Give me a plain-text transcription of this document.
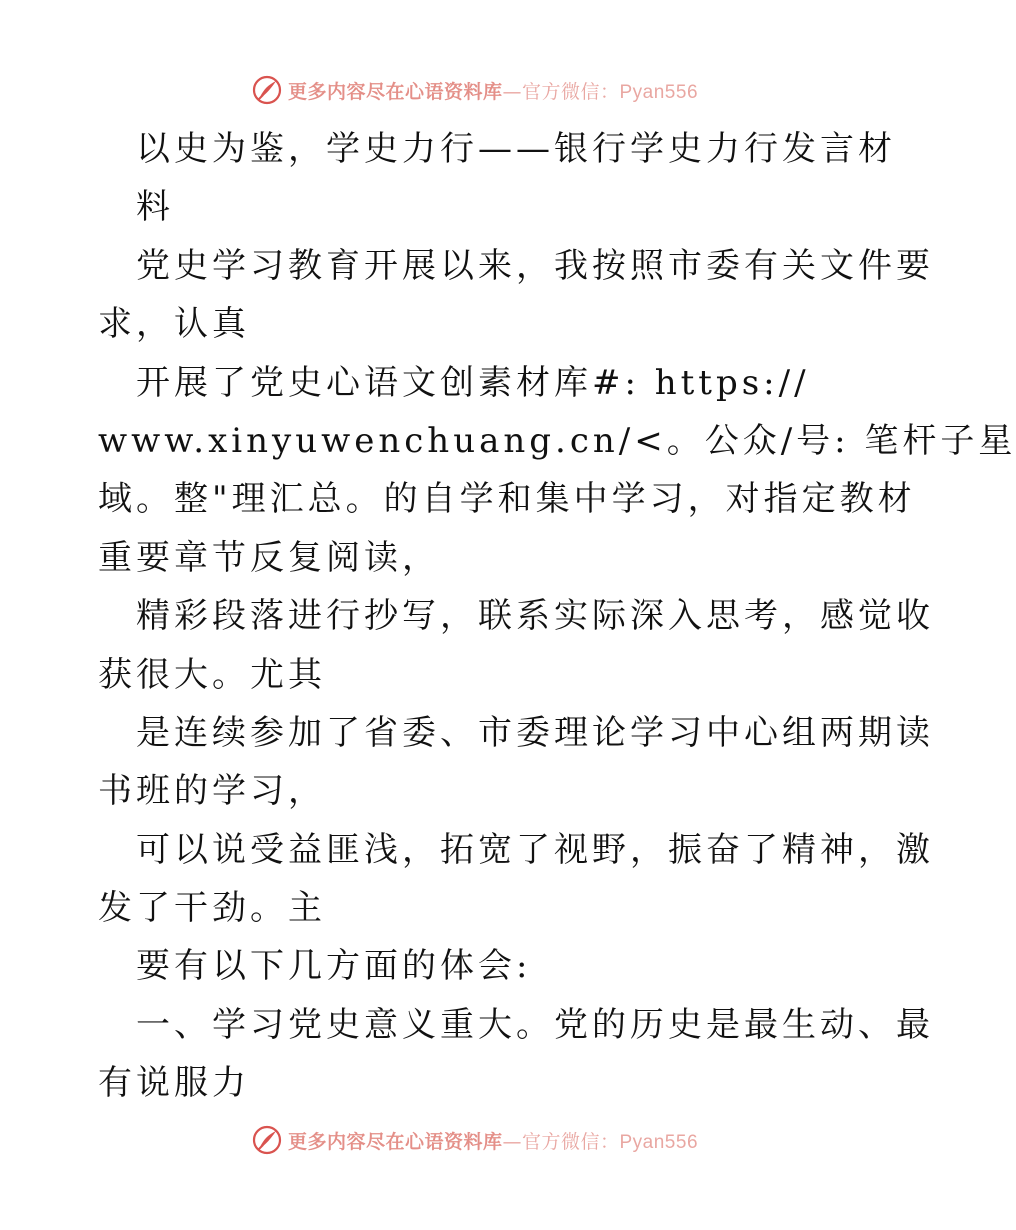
更多内容尽在心语资料库—官方微信：Pyan556
以史为鉴，学史力行——银行学史力行发言材
料
党史学习教育开展以来，我按照市委有关文件要
求，认真
开展了党史心语文创素材库#: https://
www.xinyuwenchuang.cn/<。公众/号: 笔杆子星
域。整"理汇总。的自学和集中学习，对指定教材
重要章节反复阅读，
精彩段落进行抄写，联系实际深入思考，感觉收
获很大。尤其
是连续参加了省委、市委理论学习中心组两期读
书班的学习，
可以说受益匪浅，拓宽了视野，振奋了精神，激
发了干劲。主
要有以下几方面的体会:
一、学习党史意义重大。党的历史是最生动、最
有说服力
更多内容尽在心语资料库—官方微信：Pyan556
